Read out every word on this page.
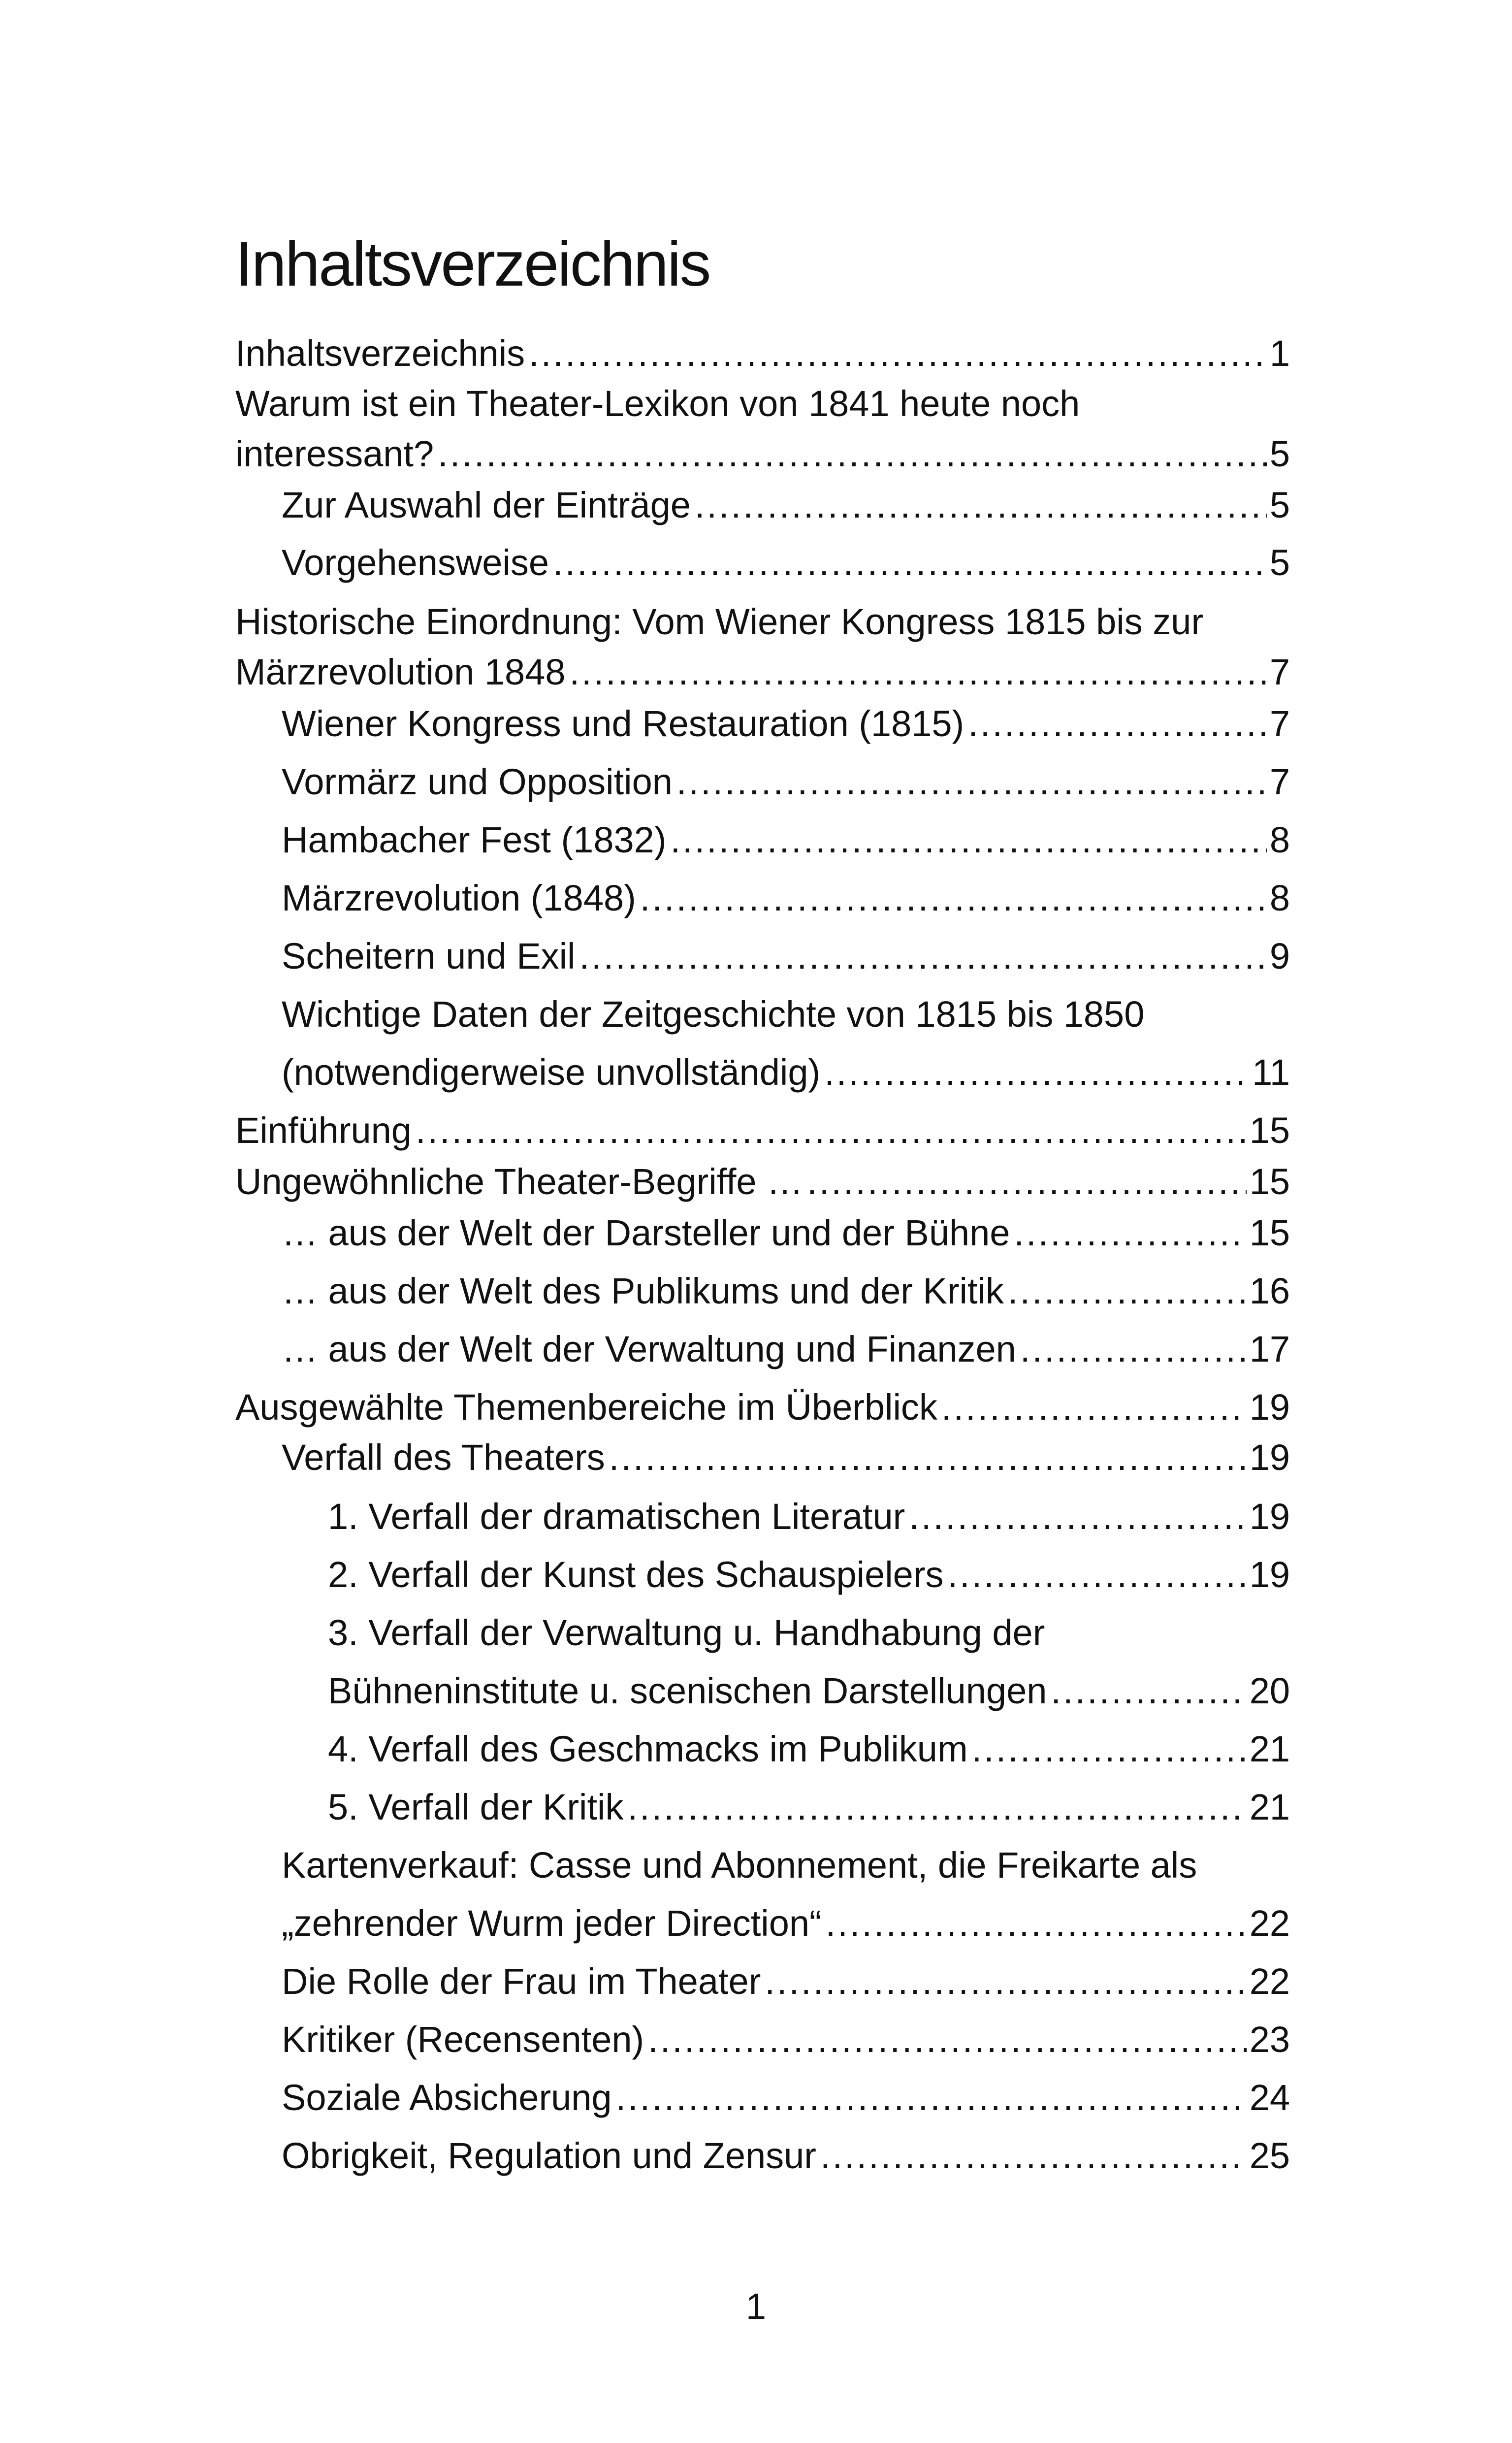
Inhaltsverzeichnis
Inhaltsverzeichnis .....	1
Warum ist ein Theater-Lexikon von 1841 heute noch
interessant? .....	5
Zur Auswahl der Einträge .....	5
Vorgehensweise .....	5
Historische Einordnung: Vom Wiener Kongress 1815 bis zur
Märzrevolution 1848 .....	7
Wiener Kongress und Restauration (1815) .....	7
Vormärz und Opposition .....	7
Hambacher Fest (1832) .....	8
Märzrevolution (1848) .....	8
Scheitern und Exil .....	9
Wichtige Daten der Zeitgeschichte von 1815 bis 1850
(notwendigerweise unvollständig) .....	11
Einführung .....	15
Ungewöhnliche Theater-Begriffe … .....	15
… aus der Welt der Darsteller und der Bühne .....	15
… aus der Welt des Publikums und der Kritik .....	16
… aus der Welt der Verwaltung und Finanzen .....	17
Ausgewählte Themenbereiche im Überblick .....	19
Verfall des Theaters .....	19
1. Verfall der dramatischen Literatur .....	19
2. Verfall der Kunst des Schauspielers .....	19
3. Verfall der Verwaltung u. Handhabung der
Bühneninstitute u. scenischen Darstellungen .....	20
4. Verfall des Geschmacks im Publikum .....	21
5. Verfall der Kritik .....	21
Kartenverkauf: Casse und Abonnement, die Freikarte als
„zehrender Wurm jeder Direction“ .....	22
Die Rolle der Frau im Theater .....	22
Kritiker (Recensenten) .....	23
Soziale Absicherung .....	24
Obrigkeit, Regulation und Zensur .....	25
1
